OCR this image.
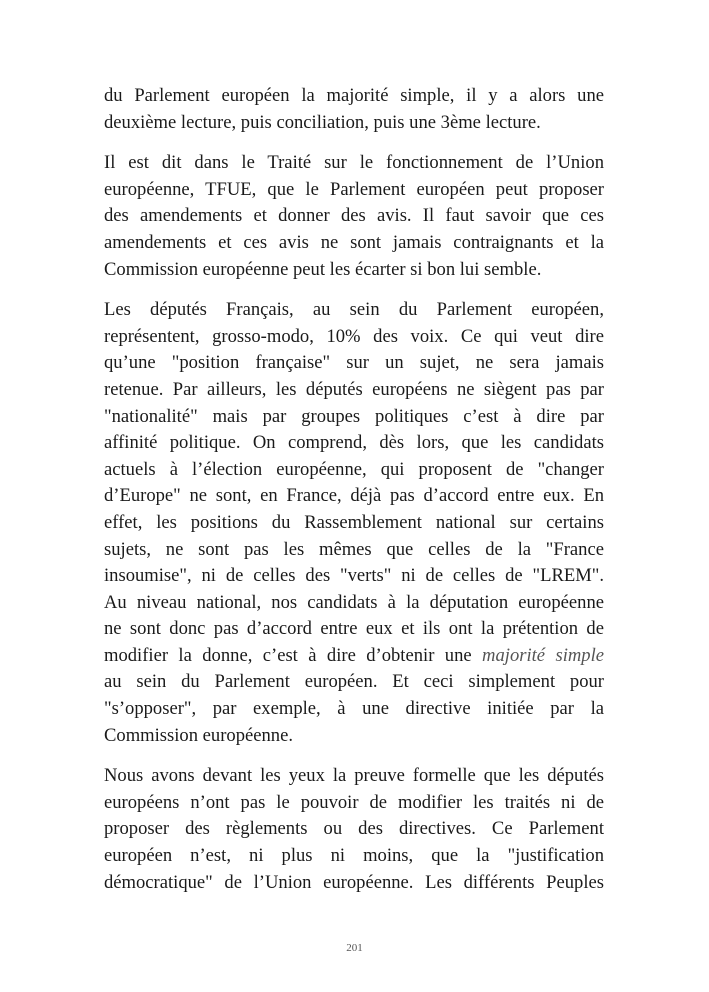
du Parlement européen la majorité simple, il y a alors une
deuxième lecture, puis conciliation, puis une 3ème lecture.

Il est dit dans le Traité sur le fonctionnement de l’Union
européenne, TFUE, que le Parlement européen peut proposer
des amendements et donner des avis. Il faut savoir que ces
amendements et ces avis ne sont jamais contraignants et la
Commission européenne peut les écarter si bon lui semble.

Les députés Français, au sein du Parlement européen,
représentent, grosso-modo, 10% des voix. Ce qui veut dire
qu’une "position française" sur un sujet, ne sera jamais
retenue. Par ailleurs, les députés européens ne siègent pas par
"nationalité" mais par groupes politiques c’est à dire par
affinité politique. On comprend, dès lors, que les candidats
actuels à l’élection européenne, qui proposent de "changer
d’Europe" ne sont, en France, déjà pas d’accord entre eux. En
effet, les positions du Rassemblement national sur certains
sujets, ne sont pas les mêmes que celles de la "France
insoumise", ni de celles des "verts" ni de celles de "LREM".
Au niveau national, nos candidats à la députation européenne
ne sont donc pas d’accord entre eux et ils ont la prétention de
modifier la donne, c’est à dire d’obtenir une majorité simple
au sein du Parlement européen. Et ceci simplement pour
"s’opposer", par exemple, à une directive initiée par la
Commission européenne.

Nous avons devant les yeux la preuve formelle que les députés
européens n’ont pas le pouvoir de modifier les traités ni de
proposer des règlements ou des directives. Ce Parlement
européen n’est, ni plus ni moins, que la "justification
démocratique" de l’Union européenne. Les différents Peuples

201
